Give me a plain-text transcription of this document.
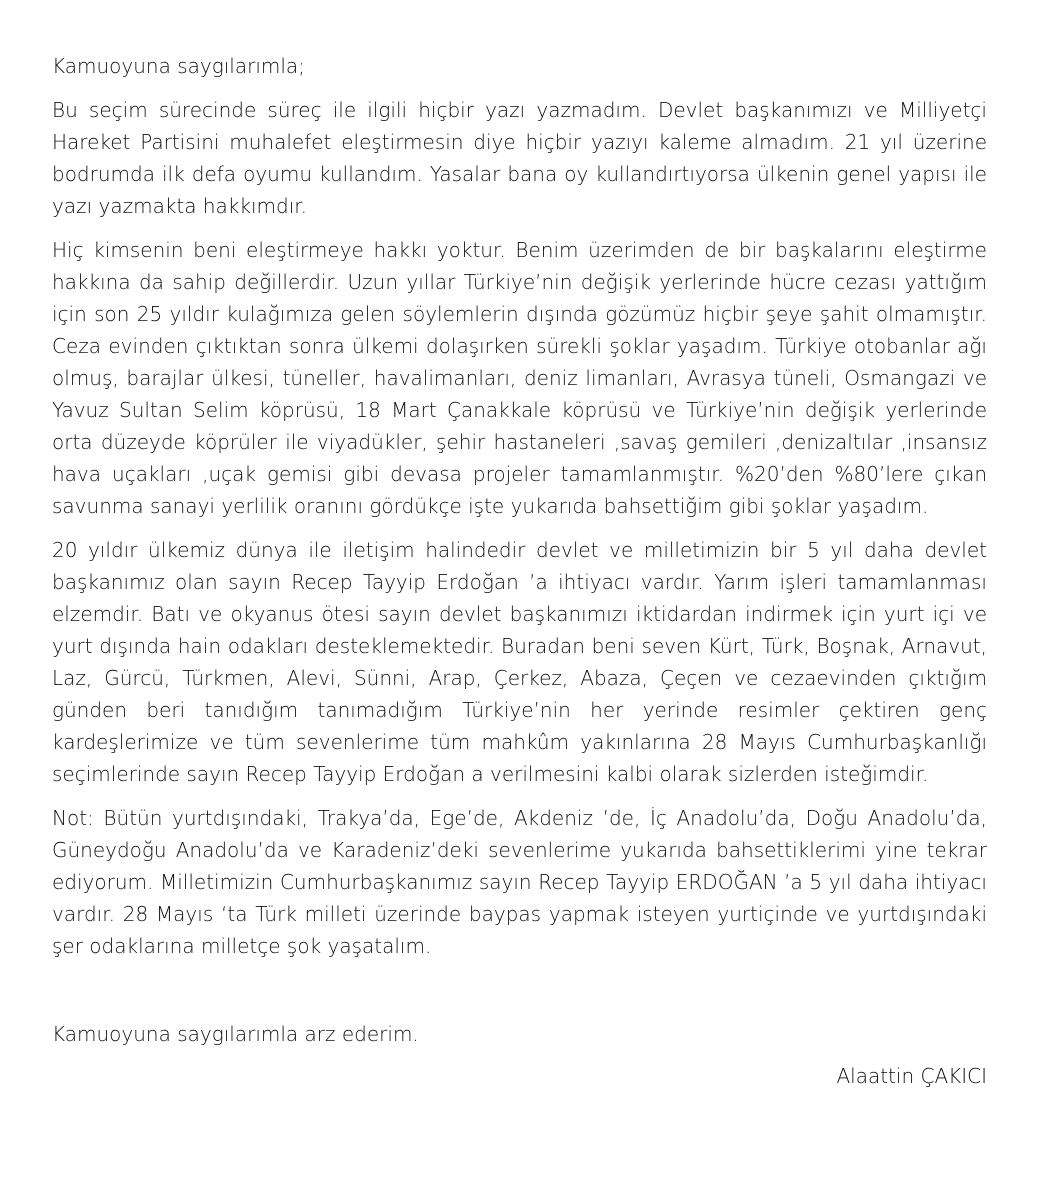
Kamuoyuna saygılarımla;

Bu seçim sürecinde süreç ile ilgili hiçbir yazı yazmadım. Devlet başkanımızı ve Milliyetçi Hareket Partisini muhalefet eleştirmesin diye hiçbir yazıyı kaleme almadım. 21 yıl üzerine bodrumda ilk defa oyumu kullandım. Yasalar bana oy kullandırtıyorsa ülkenin genel yapısı ile yazı yazmakta hakkımdır.

Hiç kimsenin beni eleştirmeye hakkı yoktur. Benim üzerimden de bir başkalarını eleştirme hakkına da sahip değillerdir. Uzun yıllar Türkiye’nin değişik yerlerinde hücre cezası yattığım için son 25 yıldır kulağımıza gelen söylemlerin dışında gözümüz hiçbir şeye şahit olmamıştır. Ceza evinden çıktıktan sonra ülkemi dolaşırken sürekli şoklar yaşadım. Türkiye otobanlar ağı olmuş, barajlar ülkesi, tüneller, havalimanları, deniz limanları, Avrasya tüneli, Osmangazi ve Yavuz Sultan Selim köprüsü, 18 Mart Çanakkale köprüsü ve Türkiye’nin değişik yerlerinde orta düzeyde köprüler ile viyadükler, şehir hastaneleri ,savaş gemileri ,denizaltılar ,insansız hava uçakları ,uçak gemisi gibi devasa projeler tamamlanmıştır. %20’den %80’lere çıkan savunma sanayi yerlilik oranını gördükçe işte yukarıda bahsettiğim gibi şoklar yaşadım.

20 yıldır ülkemiz dünya ile iletişim halindedir devlet ve milletimizin bir 5 yıl daha devlet başkanımız olan sayın Recep Tayyip Erdoğan ’a ihtiyacı vardır. Yarım işleri tamamlanması elzemdir. Batı ve okyanus ötesi sayın devlet başkanımızı iktidardan indirmek için yurt içi ve yurt dışında hain odakları desteklemektedir. Buradan beni seven Kürt, Türk, Boşnak, Arnavut, Laz, Gürcü, Türkmen, Alevi, Sünni, Arap, Çerkez, Abaza, Çeçen ve cezaevinden çıktığım günden beri tanıdığım tanımadığım Türkiye’nin her yerinde resimler çektiren genç kardeşlerimize ve tüm sevenlerime tüm mahkûm yakınlarına 28 Mayıs Cumhurbaşkanlığı seçimlerinde sayın Recep Tayyip Erdoğan a verilmesini kalbi olarak sizlerden isteğimdir.

Not: Bütün yurtdışındaki, Trakya’da, Ege’de, Akdeniz ’de, İç Anadolu’da, Doğu Anadolu’da, Güneydoğu Anadolu’da ve Karadeniz’deki sevenlerime yukarıda bahsettiklerimi yine tekrar ediyorum. Milletimizin Cumhurbaşkanımız sayın Recep Tayyip ERDOĞAN ’a 5 yıl daha ihtiyacı vardır. 28 Mayıs ‘ta Türk milleti üzerinde baypas yapmak isteyen yurtiçinde ve yurtdışındaki şer odaklarına milletçe şok yaşatalım.

Kamuoyuna saygılarımla arz ederim.

Alaattin ÇAKICI
